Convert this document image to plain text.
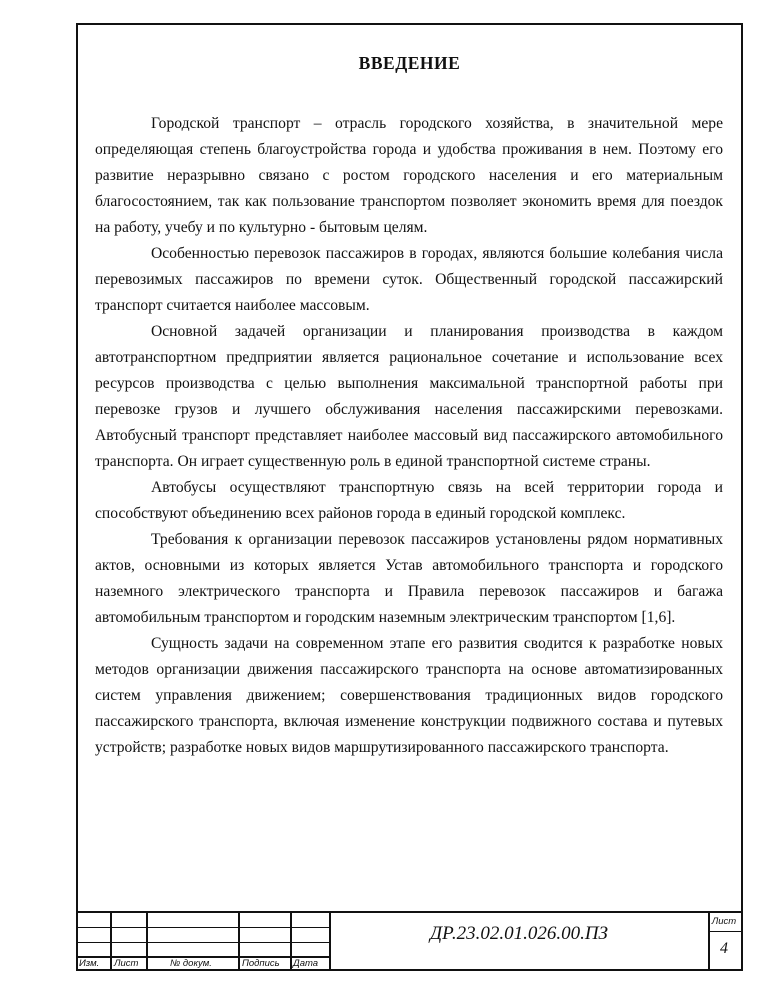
ВВЕДЕНИЕ

Городской транспорт – отрасль городского хозяйства, в значительной мере определяющая степень благоустройства города и удобства проживания в нем. Поэтому его развитие неразрывно связано с ростом городского населения и его материальным благосостоянием, так как пользование транспортом позволяет экономить время для поездок на работу, учебу и по культурно - бытовым целям.

Особенностью перевозок пассажиров в городах, являются большие колебания числа перевозимых пассажиров по времени суток. Общественный городской пассажирский транспорт считается наиболее массовым.

Основной задачей организации и планирования производства в каждом автотранспортном предприятии является рациональное сочетание и использование всех ресурсов производства с целью выполнения максимальной транспортной работы при перевозке грузов и лучшего обслуживания населения пассажирскими перевозками. Автобусный транспорт представляет наиболее массовый вид пассажирского автомобильного транспорта. Он играет существенную роль в единой транспортной системе страны.

Автобусы осуществляют транспортную связь на всей территории города и способствуют объединению всех районов города в единый городской комплекс.

Требования к организации перевозок пассажиров установлены рядом нормативных актов, основными из которых является Устав автомобильного транспорта и городского наземного электрического транспорта и Правила перевозок пассажиров и багажа автомобильным транспортом и городским наземным электрическим транспортом [1,6].

Сущность задачи на современном этапе его развития сводится к разработке новых методов организации движения пассажирского транспорта на основе автоматизированных систем управления движением; совершенствования традиционных видов городского пассажирского транспорта, включая изменение конструкции подвижного состава и путевых устройств; разработке новых видов маршрутизированного пассажирского транспорта.

Изм. Лист	№ докум.	Подпись Дата
ДР.23.02.01.026.00.ПЗ
Лист
4
